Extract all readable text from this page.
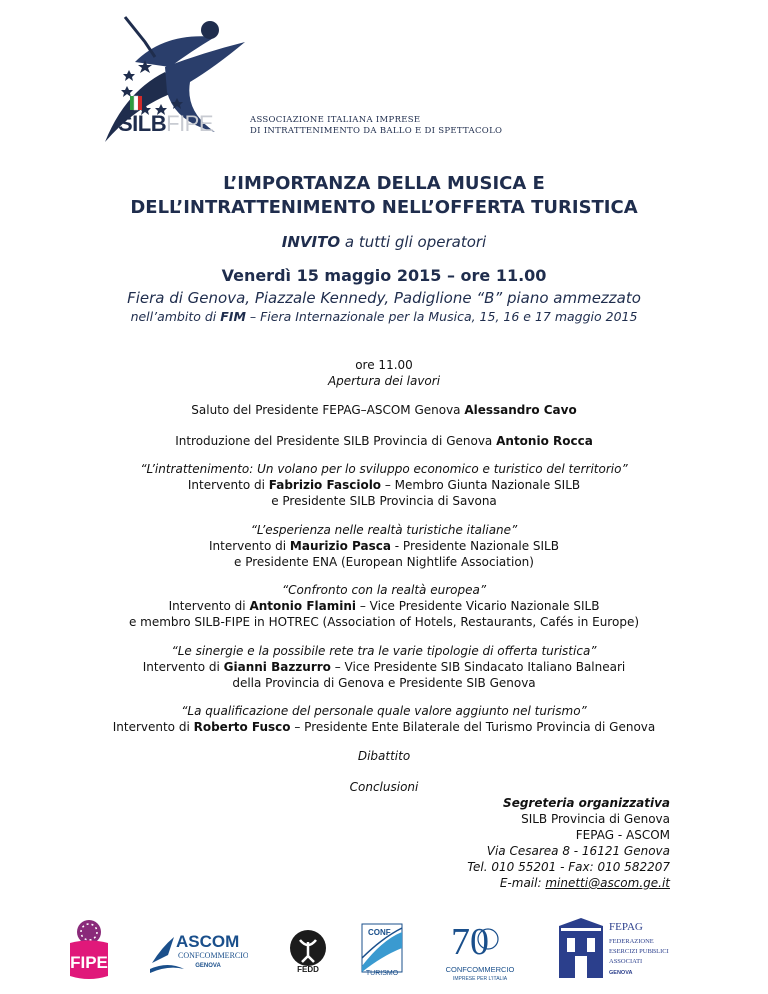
SILBFIPE	ASSOCIAZIONE ITALIANA IMPRESE
DI INTRATTENIMENTO DA BALLO E DI SPETTACOLO
L’IMPORTANZA DELLA MUSICA E
DELL’INTRATTENIMENTO NELL’OFFERTA TURISTICA
INVITO a tutti gli operatori
Venerdì 15 maggio 2015 – ore 11.00
Fiera di Genova, Piazzale Kennedy, Padiglione “B” piano ammezzato
nell’ambito di FIM – Fiera Internazionale per la Musica, 15, 16 e 17 maggio 2015
ore 11.00
Apertura dei lavori
Saluto del Presidente FEPAG–ASCOM Genova Alessandro Cavo
Introduzione del Presidente SILB Provincia di Genova Antonio Rocca
“L’intrattenimento: Un volano per lo sviluppo economico e turistico del territorio”
Intervento di Fabrizio Fasciolo – Membro Giunta Nazionale SILB
e Presidente SILB Provincia di Savona
“L’esperienza nelle realtà turistiche italiane”
Intervento di Maurizio Pasca - Presidente Nazionale SILB
e Presidente ENA (European Nightlife Association)
“Confronto con la realtà europea”
Intervento di Antonio Flamini – Vice Presidente Vicario Nazionale SILB
e membro SILB-FIPE in HOTREC (Association of Hotels, Restaurants, Cafés in Europe)
“Le sinergie e la possibile rete tra le varie tipologie di offerta turistica”
Intervento di Gianni Bazzurro – Vice Presidente SIB Sindacato Italiano Balneari
della Provincia di Genova e Presidente SIB Genova
“La qualificazione del personale quale valore aggiunto nel turismo”
Intervento di Roberto Fusco – Presidente Ente Bilaterale del Turismo Provincia di Genova
Dibattito
Conclusioni
Segreteria organizzativa
SILB Provincia di Genova
FEPAG - ASCOM
Via Cesarea 8 - 16121 Genova
Tel. 010 55201 - Fax: 010 582207
E-mail: minetti@ascom.ge.it
FIPE
ASCOM
CONFCOMMERCIO
GENOVA	FEDD
CONF
TURISMO
70
CONFCOMMERCIO
IMPRESE PER L’ITALIA
FEPAG
FEDERAZIONE
ESERCIZI PUBBLICI
ASSOCIATI
GENOVA
